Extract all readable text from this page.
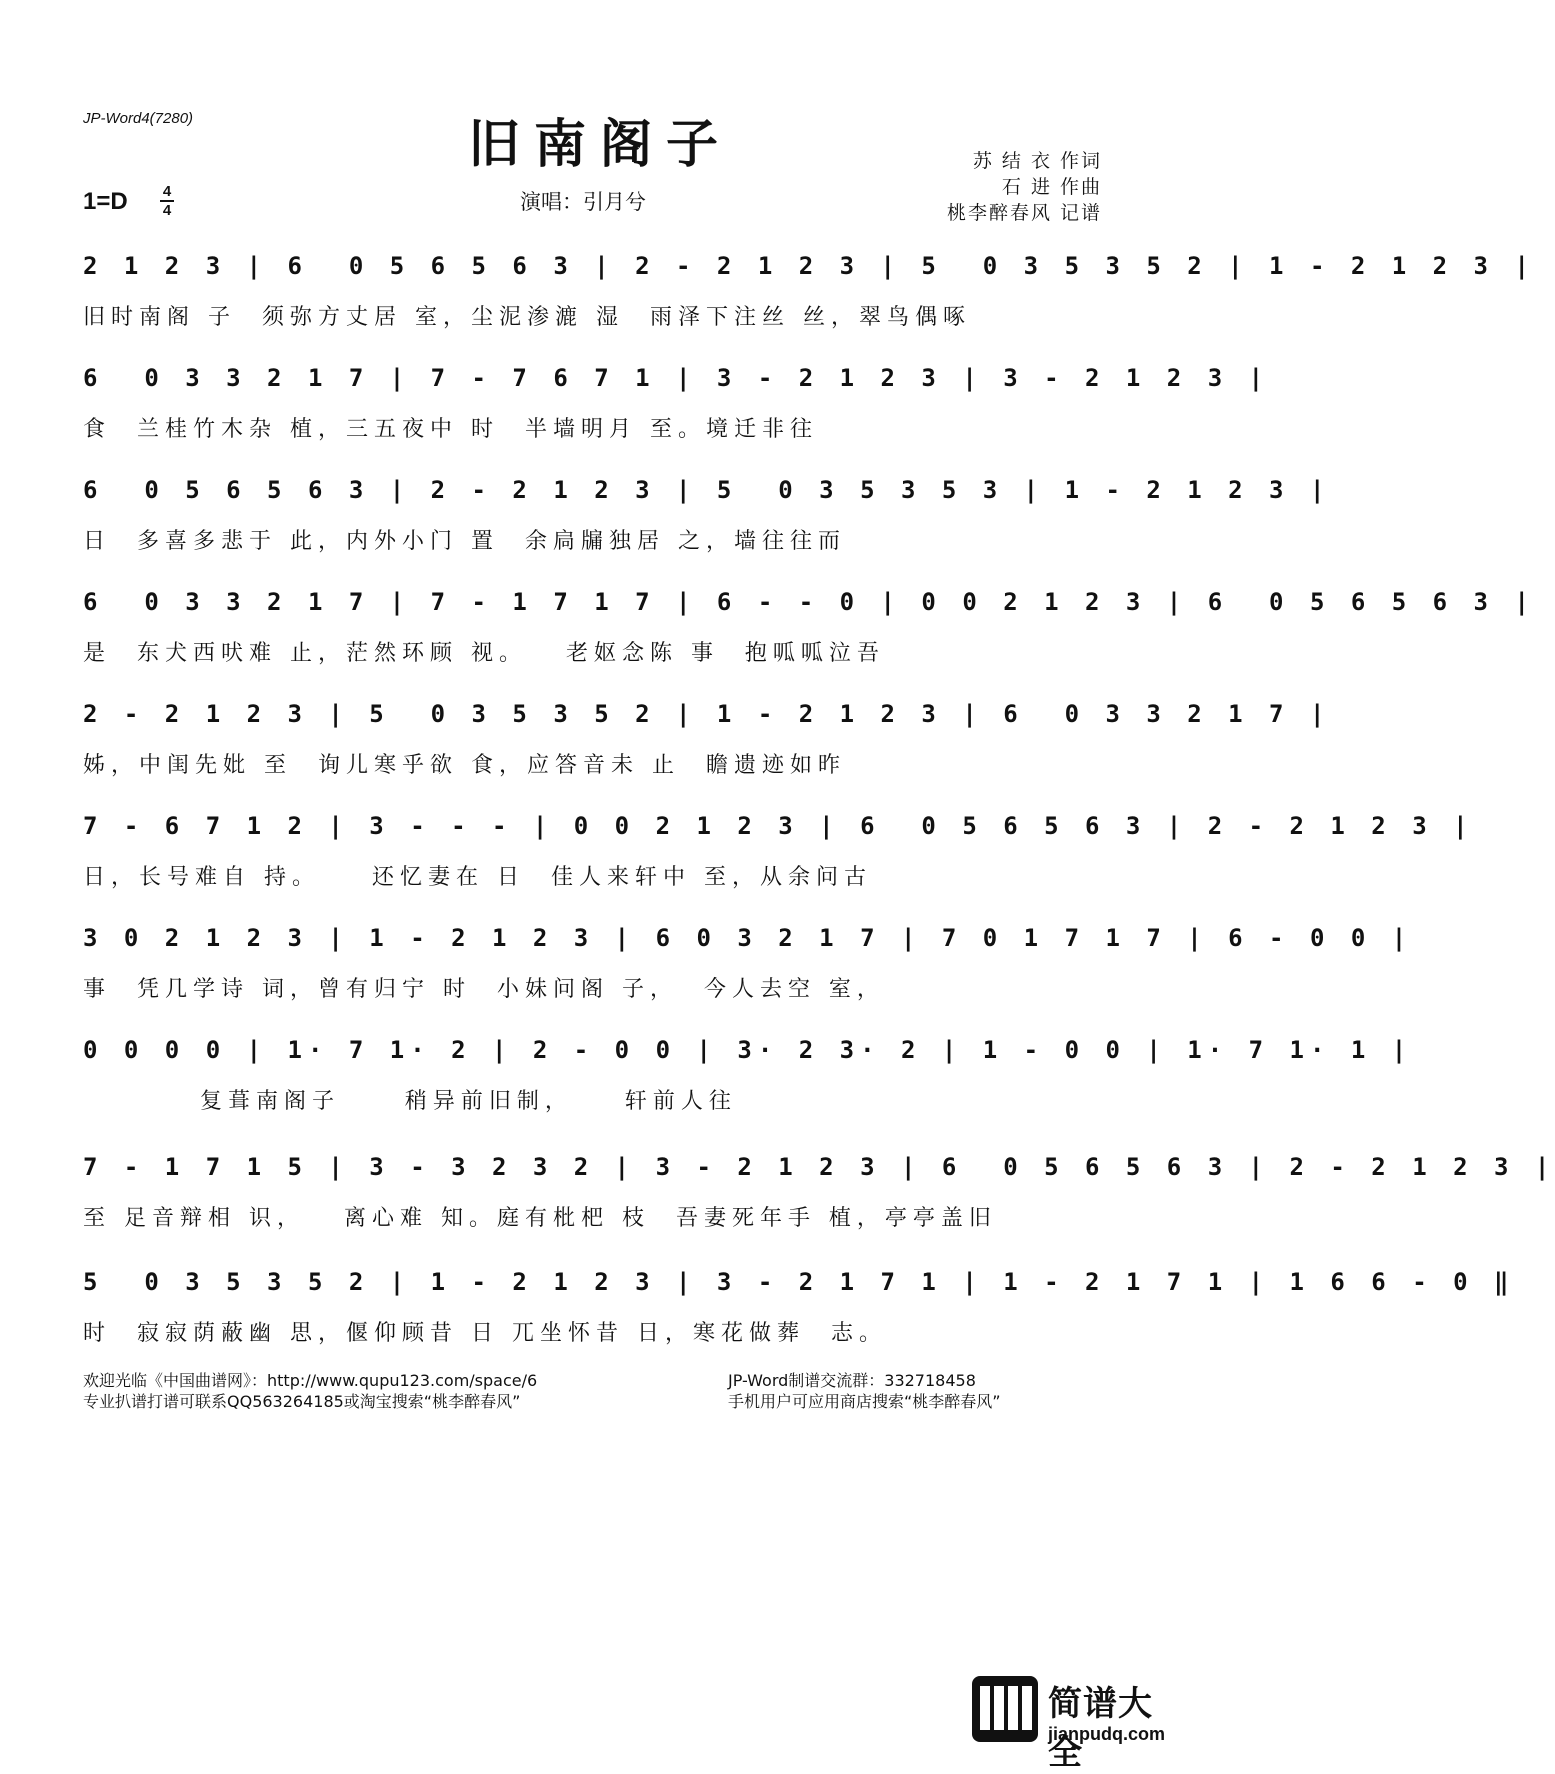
JP-Word4(7280)	旧南阁子
1=D 4
4	演唱：引月兮
苏 结 衣 作词
石 进 作曲
桃李醉春风 记谱
2 1 2 3 | 6  0 5 6 5 6 3 | 2 - 2 1 2 3 | 5  0 3 5 3 5 2 | 1 - 2 1 2 3 |
旧时南阁 子  须弥方丈居 室，尘泥渗漉 湿  雨泽下注丝 丝，翠鸟偶啄
6  0 3 3 2 1 7 | 7 - 7 6 7 1 | 3 - 2 1 2 3 | 3 - 2 1 2 3 |
食  兰桂竹木杂 植，三五夜中 时  半墙明月 至。境迁非往
6  0 5 6 5 6 3 | 2 - 2 1 2 3 | 5  0 3 5 3 5 3 | 1 - 2 1 2 3 |
日  多喜多悲于 此，内外小门 置  余扃牖独居 之，墙往往而
6  0 3 3 2 1 7 | 7 - 1 7 1 7 | 6 - - 0 | 0 0 2 1 2 3 | 6  0 5 6 5 6 3 |
是  东犬西吠难 止，茫然环顾 视。   老妪念陈 事  抱呱呱泣吾
2 - 2 1 2 3 | 5  0 3 5 3 5 2 | 1 - 2 1 2 3 | 6  0 3 3 2 1 7 |
姊，中闺先妣 至  询儿寒乎欲 食，应答音未 止  瞻遗迹如昨
7 - 6 7 1 2 | 3 - - - | 0 0 2 1 2 3 | 6  0 5 6 5 6 3 | 2 - 2 1 2 3 |
日，长号难自 持。    还忆妻在 日  佳人来轩中 至，从余问古
3 0 2 1 2 3 | 1 - 2 1 2 3 | 6 0 3 2 1 7 | 7 0 1 7 1 7 | 6 - 0 0 |
事  凭几学诗 词，曾有归宁 时  小妹问阁 子，  今人去空 室，
0 0 0 0 | 1· 7 1· 2 | 2 - 0 0 | 3· 2 3· 2 | 1 - 0 0 | 1· 7 1· 1 |
复葺南阁子     稍异前旧制，    轩前人往
7 - 1 7 1 5 | 3 - 3 2 3 2 | 3 - 2 1 2 3 | 6  0 5 6 5 6 3 | 2 - 2 1 2 3 |
至 足音辩相 识，   离心难 知。庭有枇杷 枝  吾妻死年手 植，亭亭盖旧
5  0 3 5 3 5 2 | 1 - 2 1 2 3 | 3 - 2 1 7 1 | 1 - 2 1 7 1 | 1 6 6 - 0 ‖
时  寂寂荫蔽幽 思，偃仰顾昔 日 兀坐怀昔 日，寒花做葬  志。
欢迎光临《中国曲谱网》：http://www.qupu123.com/space/6
专业扒谱打谱可联系QQ563264185或淘宝搜索“桃李醉春风”
JP-Word制谱交流群：332718458
手机用户可应用商店搜索“桃李醉春风”
简谱大全
jianpudq.com
